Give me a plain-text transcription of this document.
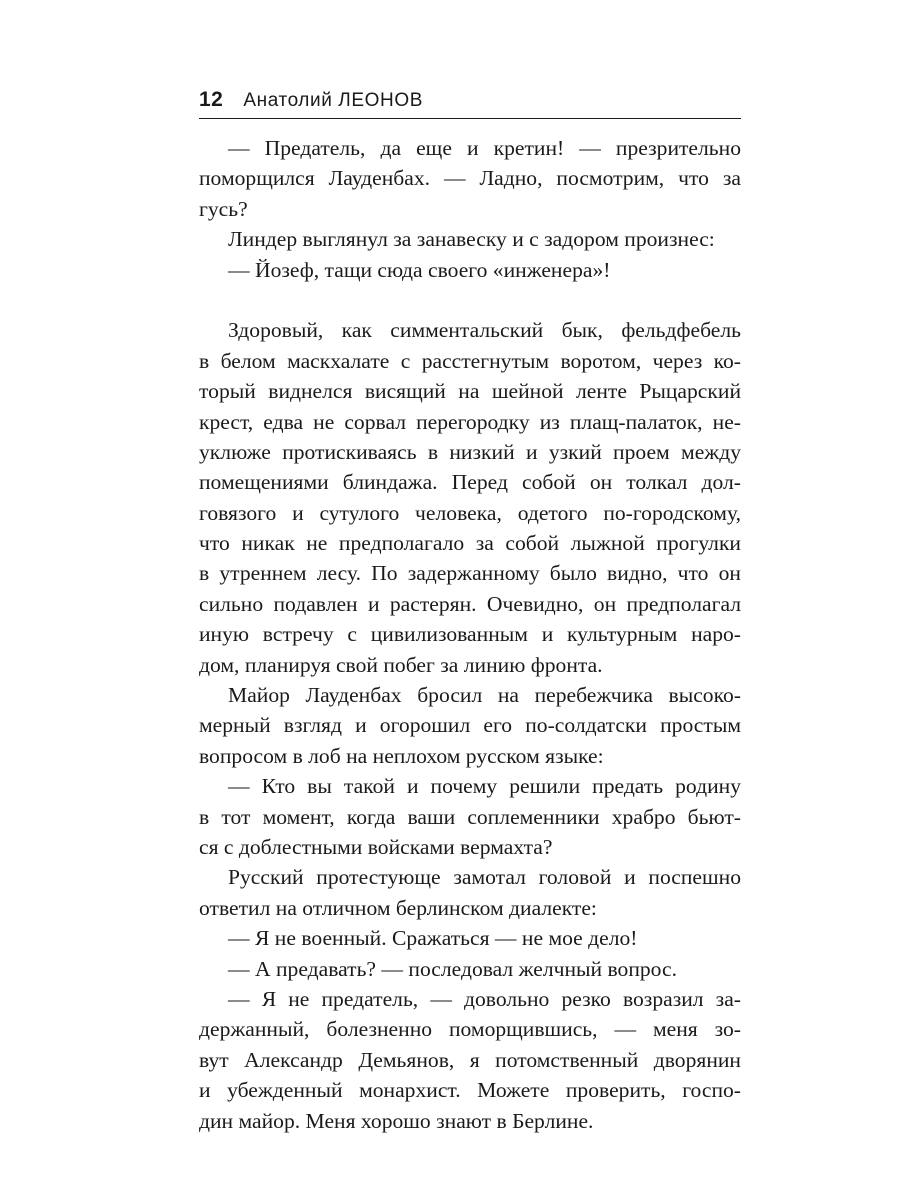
12 Анатолий ЛЕОНОВ
— Предатель, да еще и кретин! — презрительно
поморщился Лауденбах. — Ладно, посмотрим, что за
гусь?
Линдер выглянул за занавеску и с задором произнес:
— Йозеф, тащи сюда своего «инженера»!
Здоровый, как симментальский бык, фельдфебель
в белом маскхалате с расстегнутым воротом, через ко-
торый виднелся висящий на шейной ленте Рыцарский
крест, едва не сорвал перегородку из плащ-палаток, не-
уклюже протискиваясь в низкий и узкий проем между
помещениями блиндажа. Перед собой он толкал дол-
говязого и сутулого человека, одетого по-городскому,
что никак не предполагало за собой лыжной прогулки
в утреннем лесу. По задержанному было видно, что он
сильно подавлен и растерян. Очевидно, он предполагал
иную встречу с цивилизованным и культурным наро-
дом, планируя свой побег за линию фронта.
Майор Лауденбах бросил на перебежчика высоко-
мерный взгляд и огорошил его по-солдатски простым
вопросом в лоб на неплохом русском языке:
— Кто вы такой и почему решили предать родину
в тот момент, когда ваши соплеменники храбро бьют-
ся с доблестными войсками вермахта?
Русский протестующе замотал головой и поспешно
ответил на отличном берлинском диалекте:
— Я не военный. Сражаться — не мое дело!
— А предавать? — последовал желчный вопрос.
— Я не предатель, — довольно резко возразил за-
держанный, болезненно поморщившись, — меня зо-
вут Александр Демьянов, я потомственный дворянин
и убежденный монархист. Можете проверить, госпо-
дин майор. Меня хорошо знают в Берлине.
